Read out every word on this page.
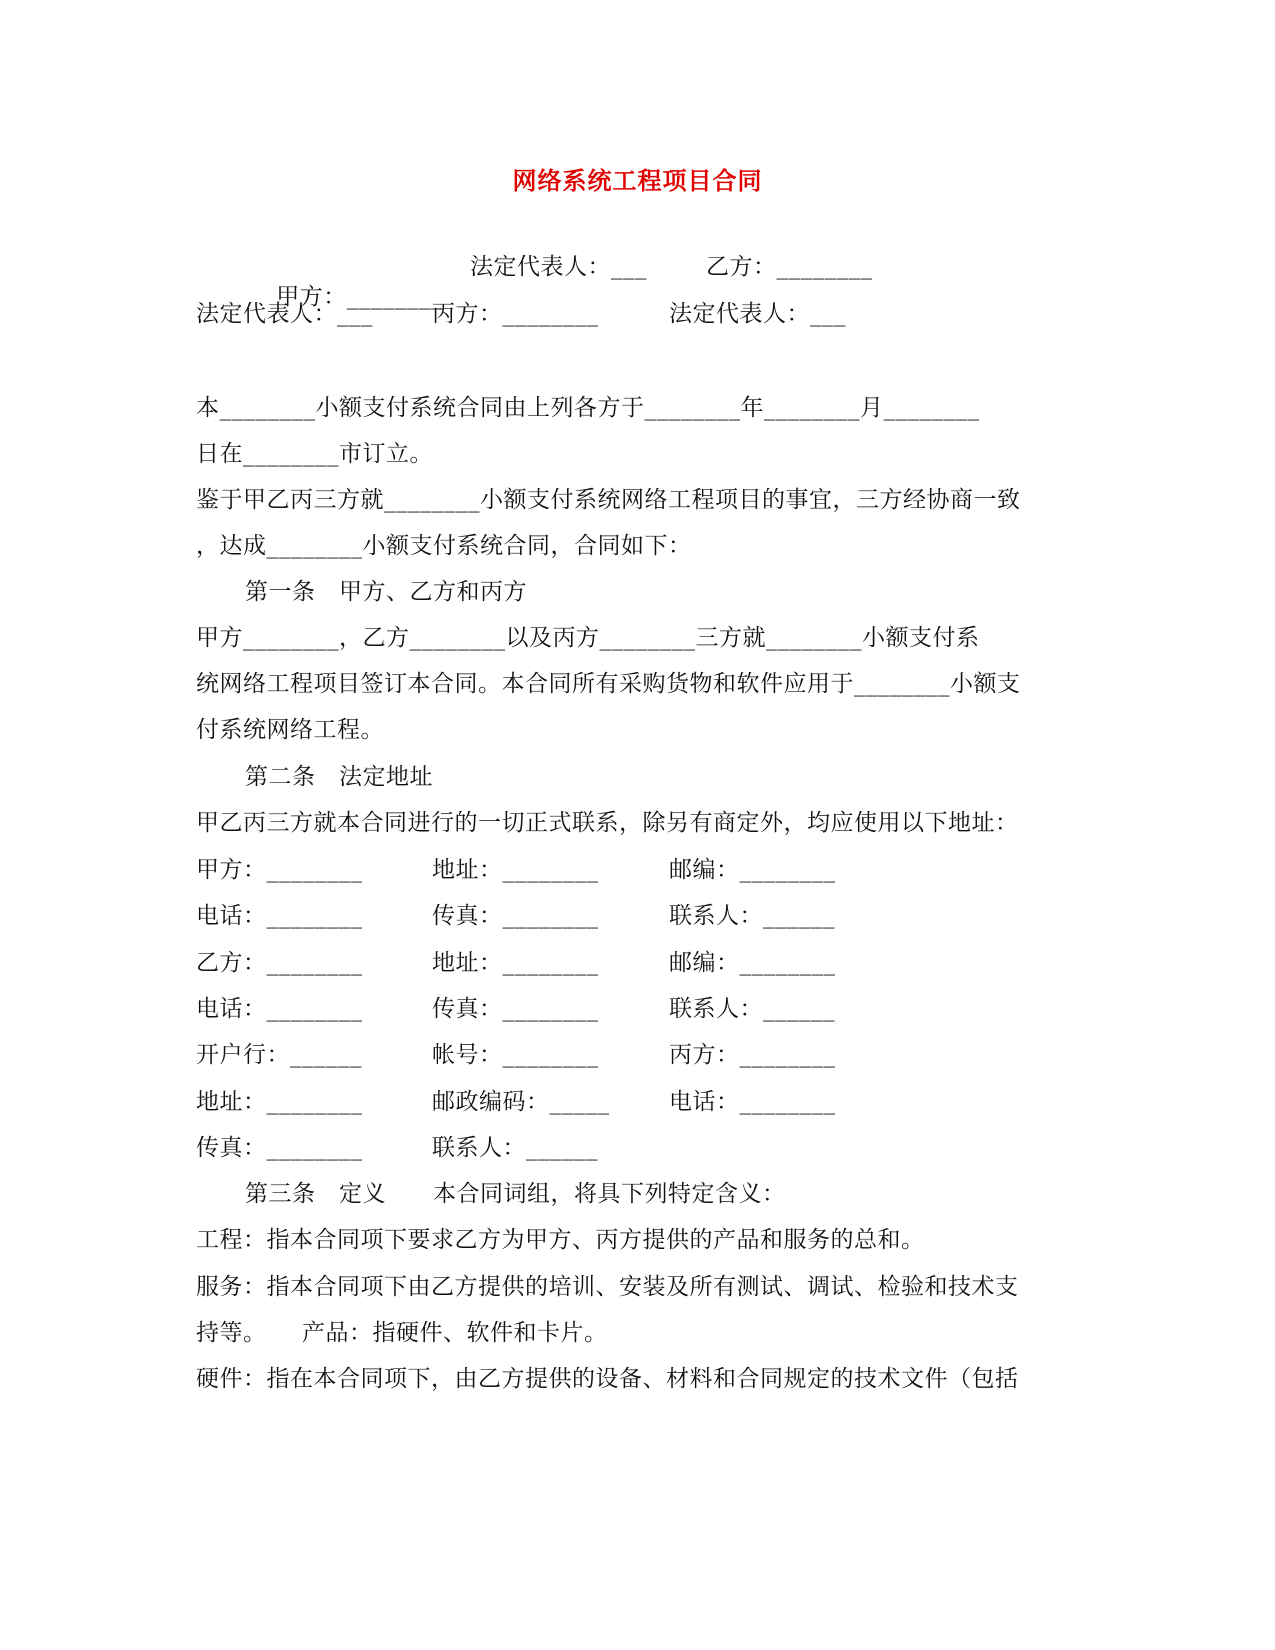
网络系统工程项目合同

甲方：________

法定代表人：___	乙方：________
法定代表人：___	丙方：________	法定代表人：___
本________小额支付系统合同由上列各方于________年________月________
日在________市订立。
鉴于甲乙丙三方就________小额支付系统网络工程项目的事宜，三方经协商一致
，达成________小额支付系统合同，合同如下：
第一条　甲方、乙方和丙方
甲方________，乙方________以及丙方________三方就________小额支付系
统网络工程项目签订本合同。本合同所有采购货物和软件应用于________小额支
付系统网络工程。
第二条　法定地址
甲乙丙三方就本合同进行的一切正式联系，除另有商定外，均应使用以下地址：
甲方：________	地址：________	邮编：________
电话：________	传真：________	联系人：______
乙方：________	地址：________	邮编：________
电话：________	传真：________	联系人：______
开户行：______	帐号：________	丙方：________
地址：________	邮政编码：_____	电话：________
传真：________	联系人：______
第三条　定义　　本合同词组，将具下列特定含义：
工程：指本合同项下要求乙方为甲方、丙方提供的产品和服务的总和。
服务：指本合同项下由乙方提供的培训、安装及所有测试、调试、检验和技术支
持等。　　产品：指硬件、软件和卡片。
硬件：指在本合同项下，由乙方提供的设备、材料和合同规定的技术文件（包括
